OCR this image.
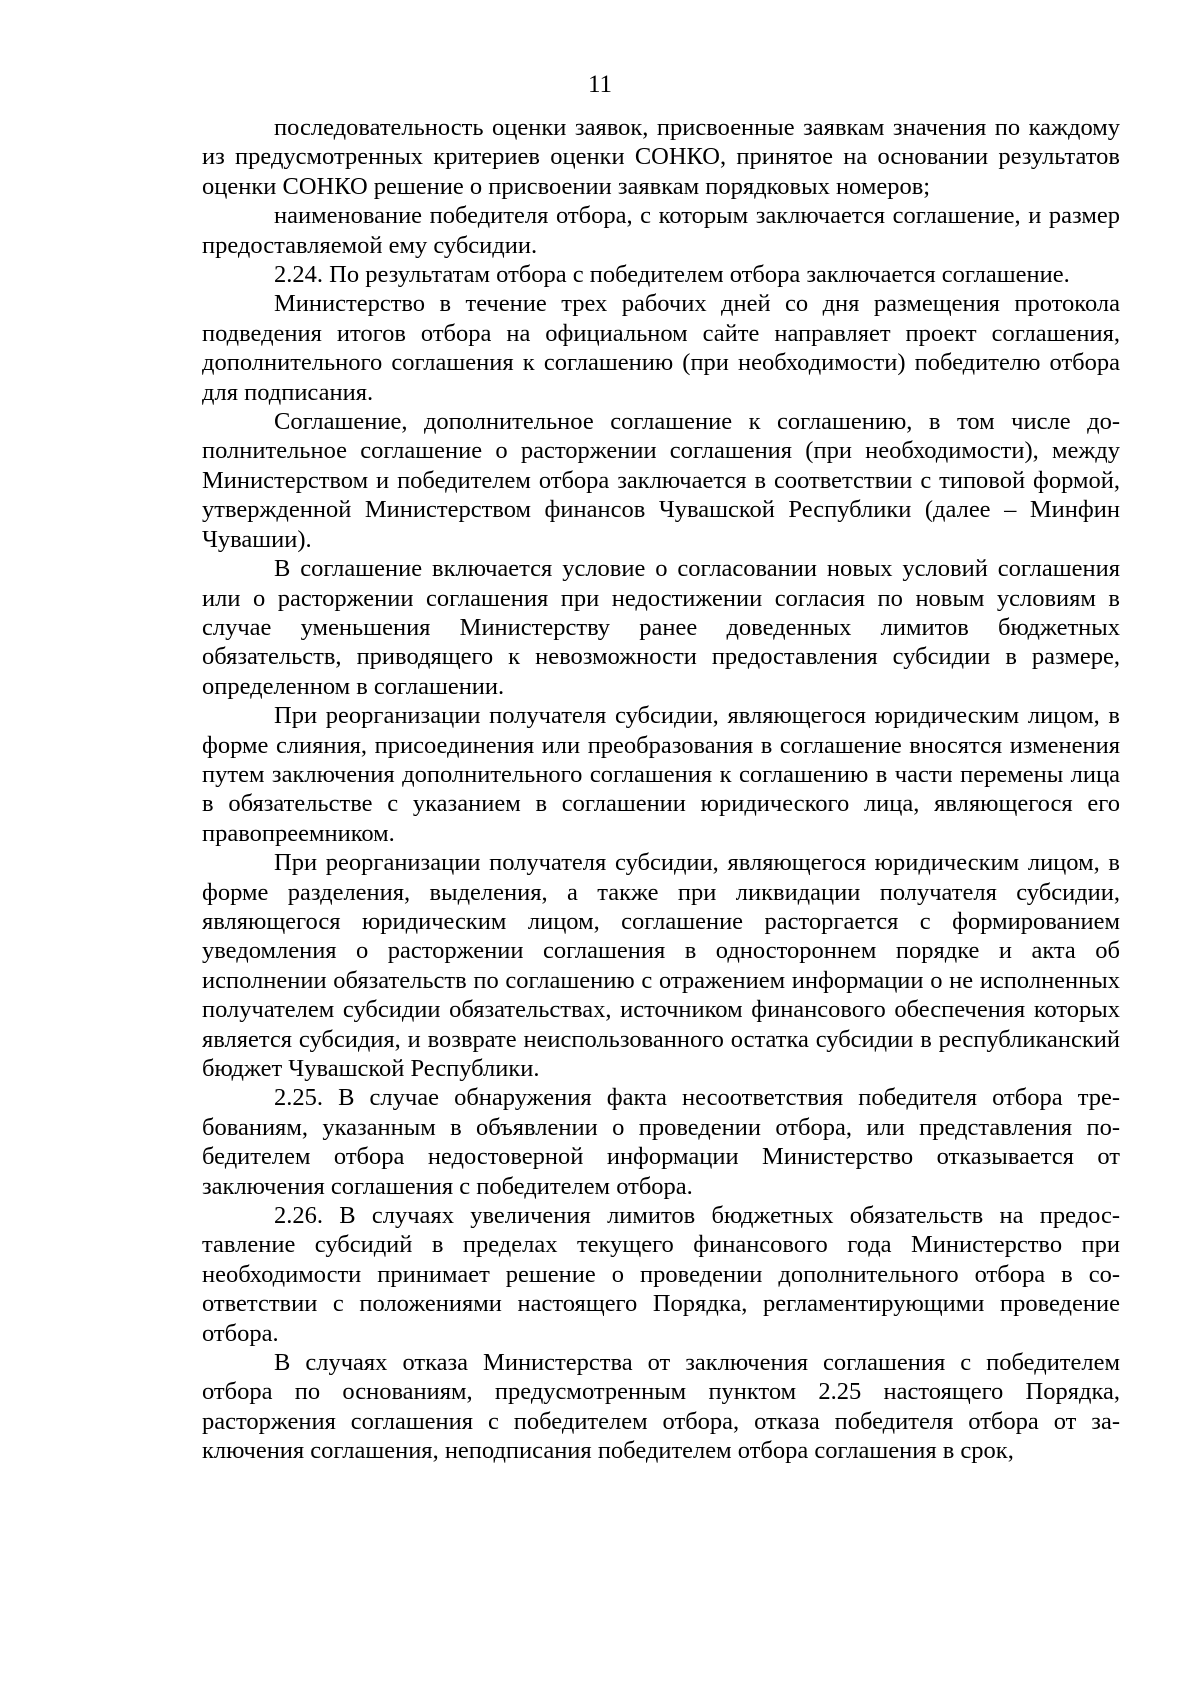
11

последовательность оценки заявок, присвоенные заявкам значения по каждому из предусмотренных критериев оценки СОНКО, принятое на основании результатов оценки СОНКО решение о присвоении заявкам порядковых номеров;

наименование победителя отбора, с которым заключается соглашение, и размер предоставляемой ему субсидии.

2.24. По результатам отбора с победителем отбора заключается соглашение.

Министерство в течение трех рабочих дней со дня размещения протокола подведения итогов отбора на официальном сайте направляет проект соглашения, дополнительного соглашения к соглашению (при необходимости) победителю отбора для подписания.

Соглашение, дополнительное соглашение к соглашению, в том числе дополнительное соглашение о расторжении соглашения (при необходимости), между Министерством и победителем отбора заключается в соответствии с типовой формой, утвержденной Министерством финансов Чувашской Республики (далее – Минфин Чувашии).

В соглашение включается условие о согласовании новых условий соглашения или о расторжении соглашения при недостижении согласия по новым условиям в случае уменьшения Министерству ранее доведенных лимитов бюджетных обязательств, приводящего к невозможности предоставления субсидии в размере, определенном в соглашении.

При реорганизации получателя субсидии, являющегося юридическим лицом, в форме слияния, присоединения или преобразования в соглашение вносятся изменения путем заключения дополнительного соглашения к соглашению в части перемены лица в обязательстве с указанием в соглашении юридического лица, являющегося его правопреемником.

При реорганизации получателя субсидии, являющегося юридическим лицом, в форме разделения, выделения, а также при ликвидации получателя субсидии, являющегося юридическим лицом, соглашение расторгается с формированием уведомления о расторжении соглашения в одностороннем порядке и акта об исполнении обязательств по соглашению с отражением информации о не исполненных получателем субсидии обязательствах, источником финансового обеспечения которых является субсидия, и возврате неиспользованного остатка субсидии в республиканский бюджет Чувашской Республики.

2.25. В случае обнаружения факта несоответствия победителя отбора требованиям, указанным в объявлении о проведении отбора, или представления победителем отбора недостоверной информации Министерство отказывается от заключения соглашения с победителем отбора.

2.26. В случаях увеличения лимитов бюджетных обязательств на предоставление субсидий в пределах текущего финансового года Министерство при необходимости принимает решение о проведении дополнительного отбора в соответствии с положениями настоящего Порядка, регламентирующими проведение отбора.

В случаях отказа Министерства от заключения соглашения с победителем отбора по основаниям, предусмотренным пунктом 2.25 настоящего Порядка, расторжения соглашения с победителем отбора, отказа победителя отбора от заключения соглашения, неподписания победителем отбора соглашения в срок,
